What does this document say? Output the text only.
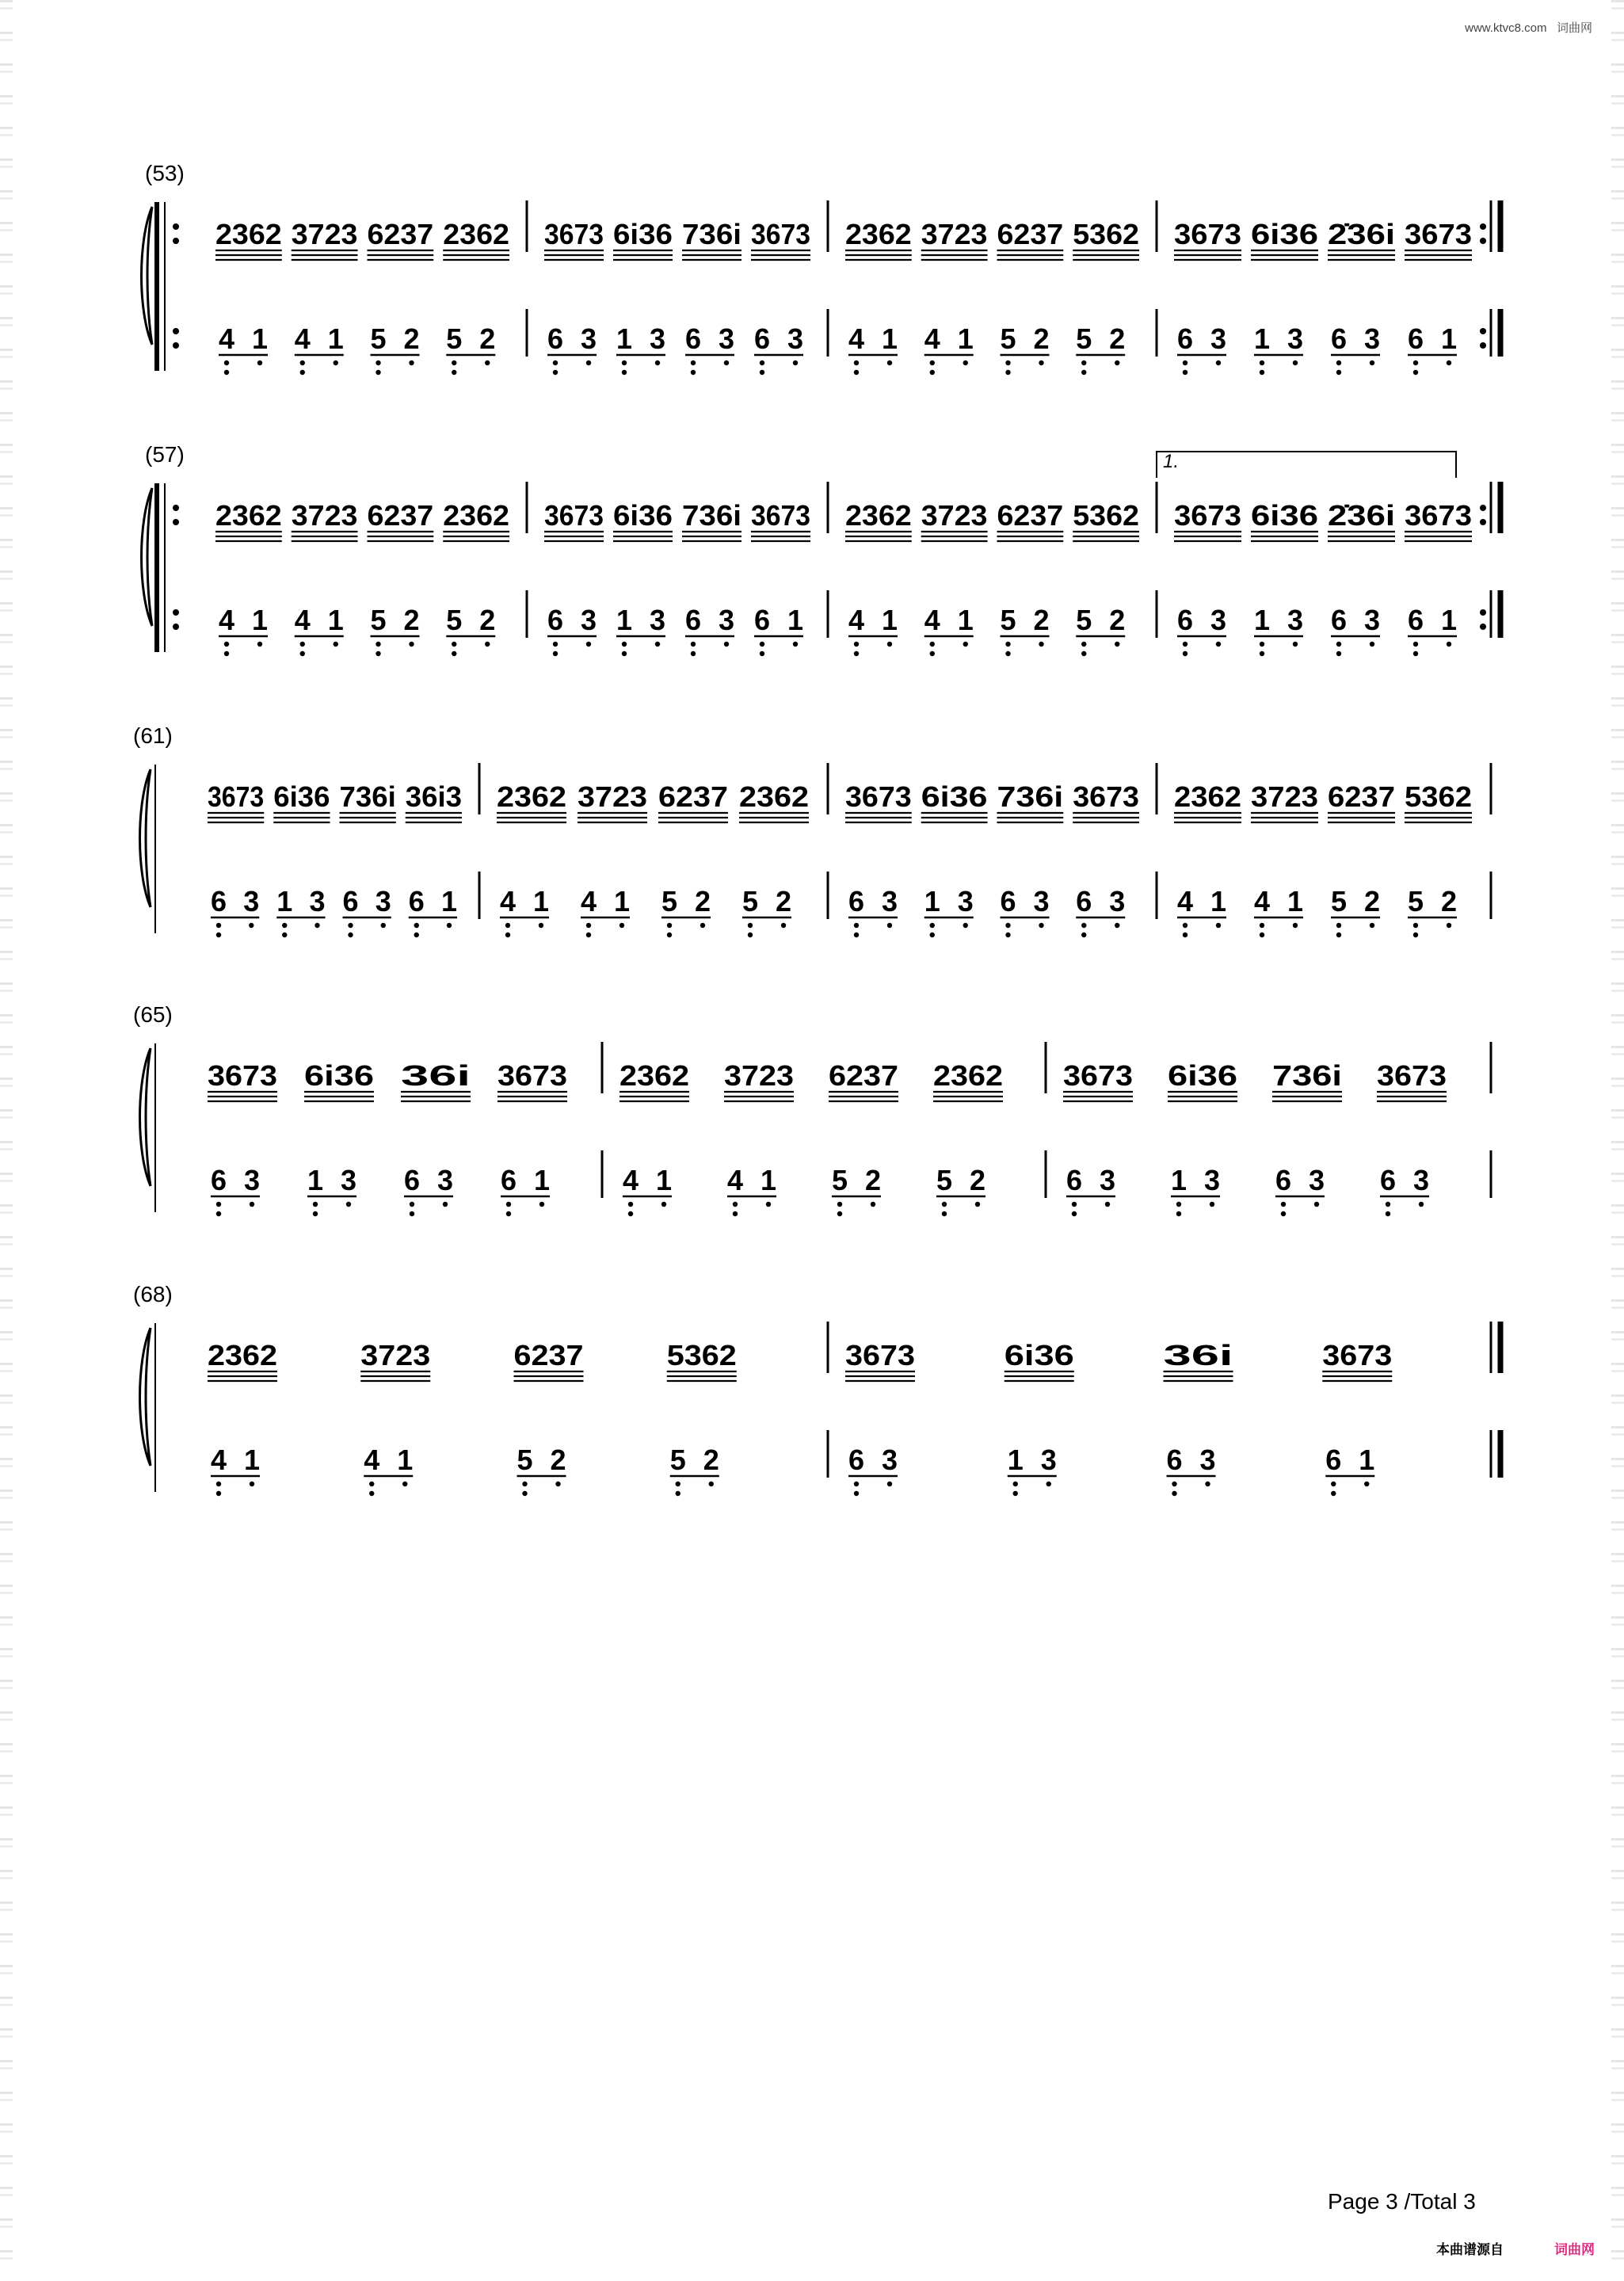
www.ktvc8.com 词曲网
(53)
2362 3723 6237 2362 3673 6i36 736i 3673 2362 3723 6237 5362 3673 6i36 2̇36i 3673
41 41 52 52 63 13 63 63 41 41 52 52 63 13 63 61
(57)	1.
2362 3723 6237 2362 3673 6i36 736i 3673 2362 3723 6237 5362 3673 6i36 2̇36i 3673
41 41 52 52 63 13 63 61 41 41 52 52 63 13 63 61
(61)
3673 6i36 736i 36i3 2362 3723 6237 2362 3673 6i36 736i 3673 2362 3723 6237 5362
63 13 63 61 41 41 52 52 63 13 63 63 41 41 52 52
(65)
3673 6i36 36i 3673 2362 3723 6237 2362 3673 6i36 736i 3673
63 13 63 61	41 41 52 52	63 13 63 63
(68)
2362	3723	6237	5362	3673	6i36	36i	3673
41	41	52	52	63	13	63	61
Page 3 /Total 3
本曲谱源自	词曲网
